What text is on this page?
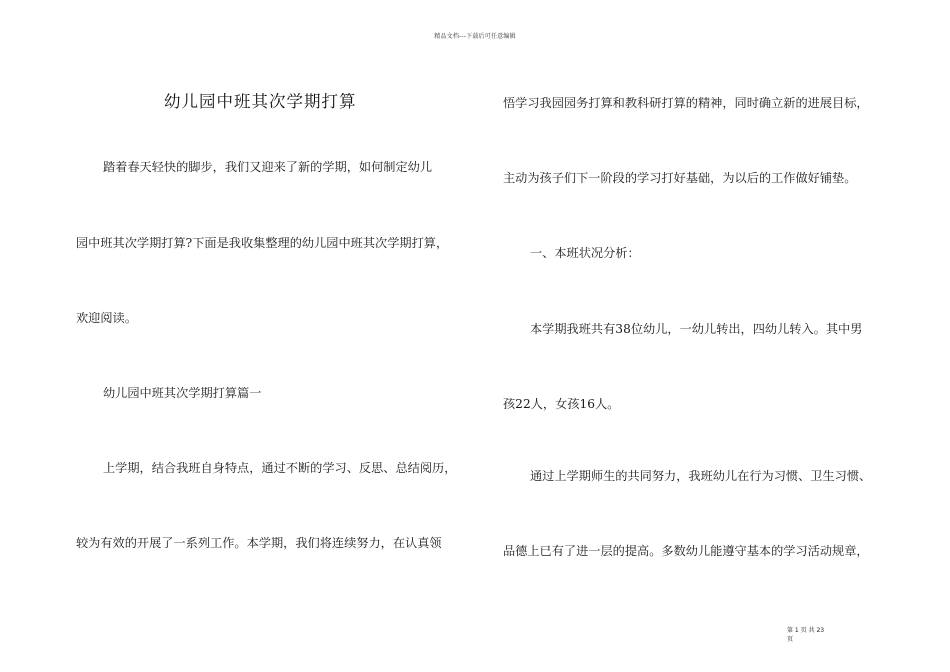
精品文档---下载后可任意编辑
幼儿园中班其次学期打算
踏着春天轻快的脚步，我们又迎来了新的学期，如何制定幼儿
园中班其次学期打算?下面是我收集整理的幼儿园中班其次学期打算，
欢迎阅读。
幼儿园中班其次学期打算篇一
上学期，结合我班自身特点，通过不断的学习、反思、总结阅历，
较为有效的开展了一系列工作。本学期，我们将连续努力，在认真领
悟学习我园园务打算和教科研打算的精神，同时确立新的进展目标，
主动为孩子们下一阶段的学习打好基础，为以后的工作做好铺垫。
一、本班状况分析：
本学期我班共有38位幼儿，一幼儿转出，四幼儿转入。其中男
孩22人，女孩16人。
通过上学期师生的共同努力，我班幼儿在行为习惯、卫生习惯、
品德上已有了进一层的提高。多数幼儿能遵守基本的学习活动规章，
第 1 页 共 23
页
